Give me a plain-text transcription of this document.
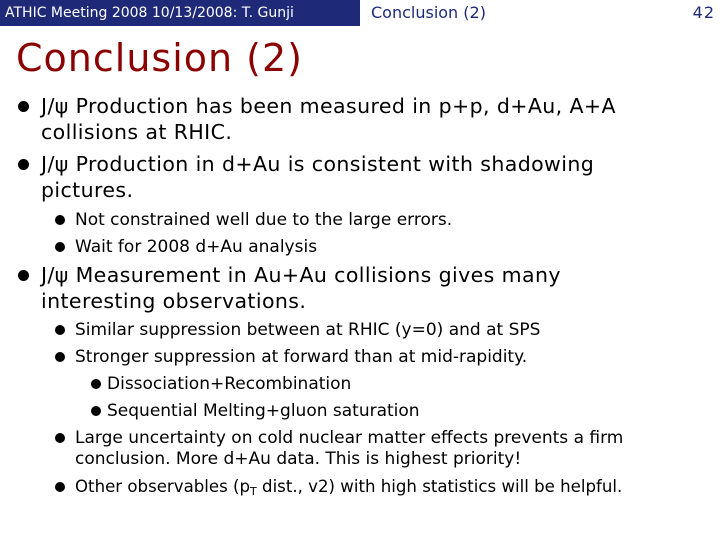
ATHIC Meeting 2008 10/13/2008: T. Gunji	Conclusion (2)	42
Conclusion (2)
J/ψ Production has been measured in p+p, d+Au, A+A
collisions at RHIC.
J/ψ Production in d+Au is consistent with shadowing
pictures.
Not constrained well due to the large errors.
Wait for 2008 d+Au analysis
J/ψ Measurement in Au+Au collisions gives many
interesting observations.
Similar suppression between at RHIC (y=0) and at SPS
Stronger suppression at forward than at mid-rapidity.
Dissociation+Recombination
Sequential Melting+gluon saturation
Large uncertainty on cold nuclear matter effects prevents a firm
conclusion. More d+Au data. This is highest priority!
Other observables (pT dist., v2) with high statistics will be helpful.
